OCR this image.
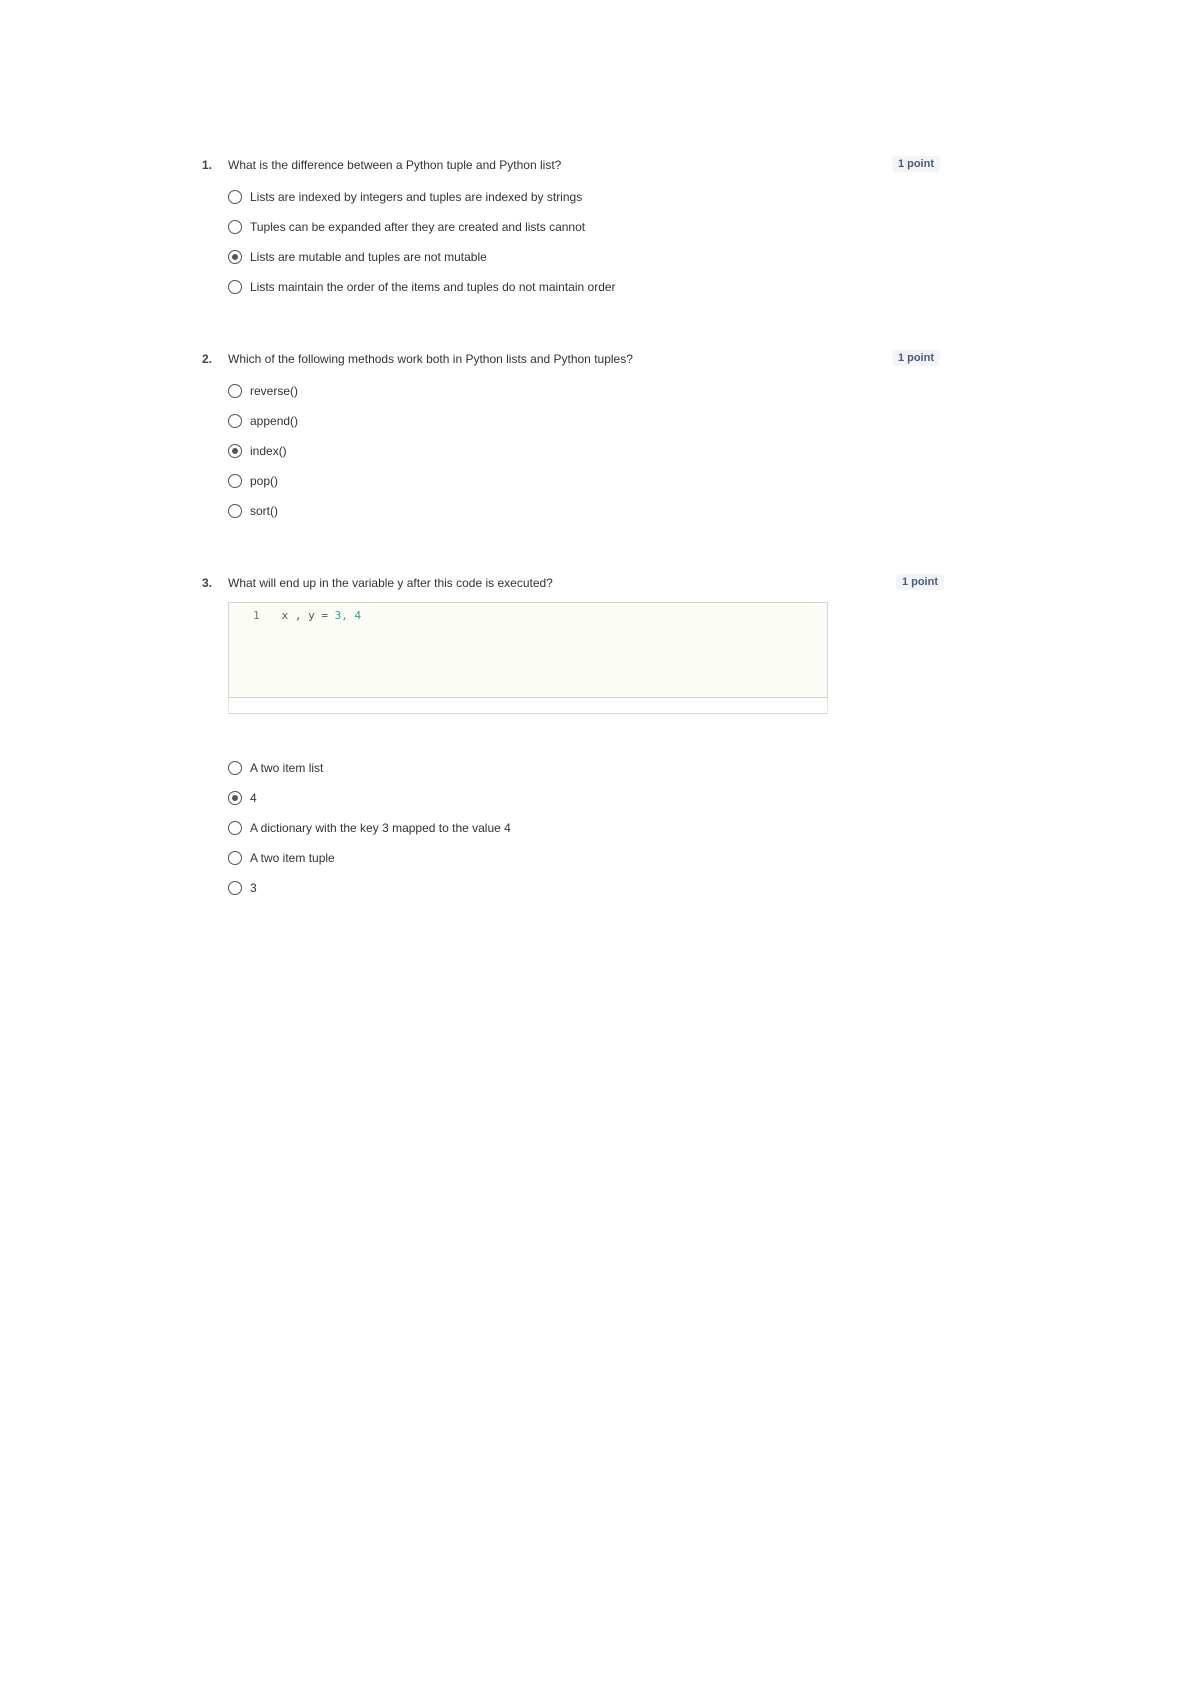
1. What is the difference between a Python tuple and Python list?	1 point
Lists are indexed by integers and tuples are indexed by strings
Tuples can be expanded after they are created and lists cannot
Lists are mutable and tuples are not mutable
Lists maintain the order of the items and tuples do not maintain order
2. Which of the following methods work both in Python lists and Python tuples?	1 point
reverse()
append()
index()
pop()
sort()
3. What will end up in the variable y after this code is executed?	1 point
1 x , y = 3, 4
A two item list
4
A dictionary with the key 3 mapped to the value 4
A two item tuple
3
